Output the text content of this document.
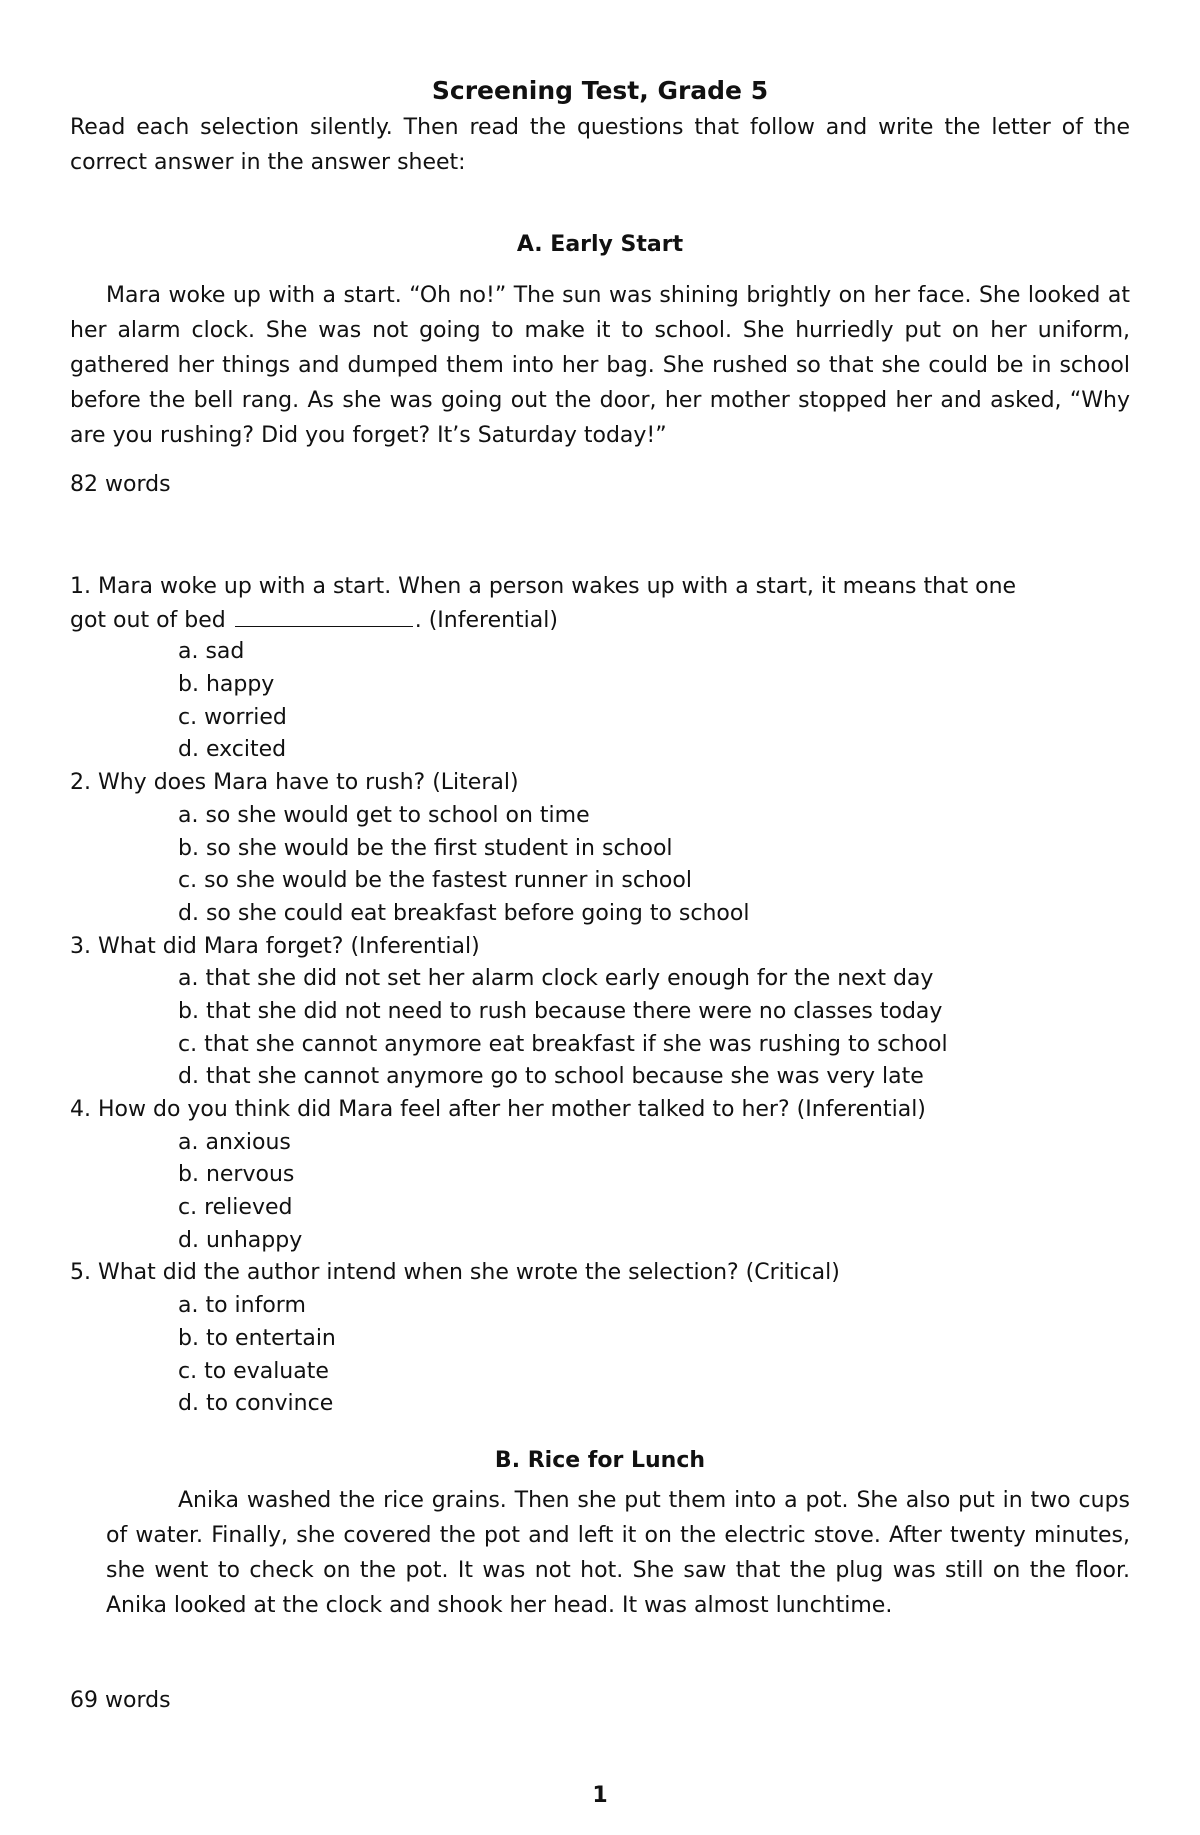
Screening Test, Grade 5
Read each selection silently. Then read the questions that follow and write the letter of the correct answer in the answer sheet:
A. Early Start
Mara woke up with a start. “Oh no!” The sun was shining brightly on her face. She looked at her alarm clock. She was not going to make it to school. She hurriedly put on her uniform, gathered her things and dumped them into her bag. She rushed so that she could be in school before the bell rang. As she was going out the door, her mother stopped her and asked, “Why are you rushing? Did you forget? It’s Saturday today!”
82 words
1. Mara woke up with a start. When a person wakes up with a start, it means that one
got out of bed	. (Inferential)
a. sad
b. happy
c. worried
d. excited
2. Why does Mara have to rush? (Literal)
a. so she would get to school on time
b. so she would be the first student in school
c. so she would be the fastest runner in school
d. so she could eat breakfast before going to school
3. What did Mara forget? (Inferential)
a. that she did not set her alarm clock early enough for the next day
b. that she did not need to rush because there were no classes today
c. that she cannot anymore eat breakfast if she was rushing to school
d. that she cannot anymore go to school because she was very late
4. How do you think did Mara feel after her mother talked to her? (Inferential)
a. anxious
b. nervous
c. relieved
d. unhappy
5. What did the author intend when she wrote the selection? (Critical)
a. to inform
b. to entertain
c. to evaluate
d. to convince
B. Rice for Lunch
Anika washed the rice grains. Then she put them into a pot. She also put in two cups of water. Finally, she covered the pot and left it on the electric stove. After twenty minutes, she went to check on the pot. It was not hot. She saw that the plug was still on the floor. Anika looked at the clock and shook her head. It was almost lunchtime.
69 words
1
